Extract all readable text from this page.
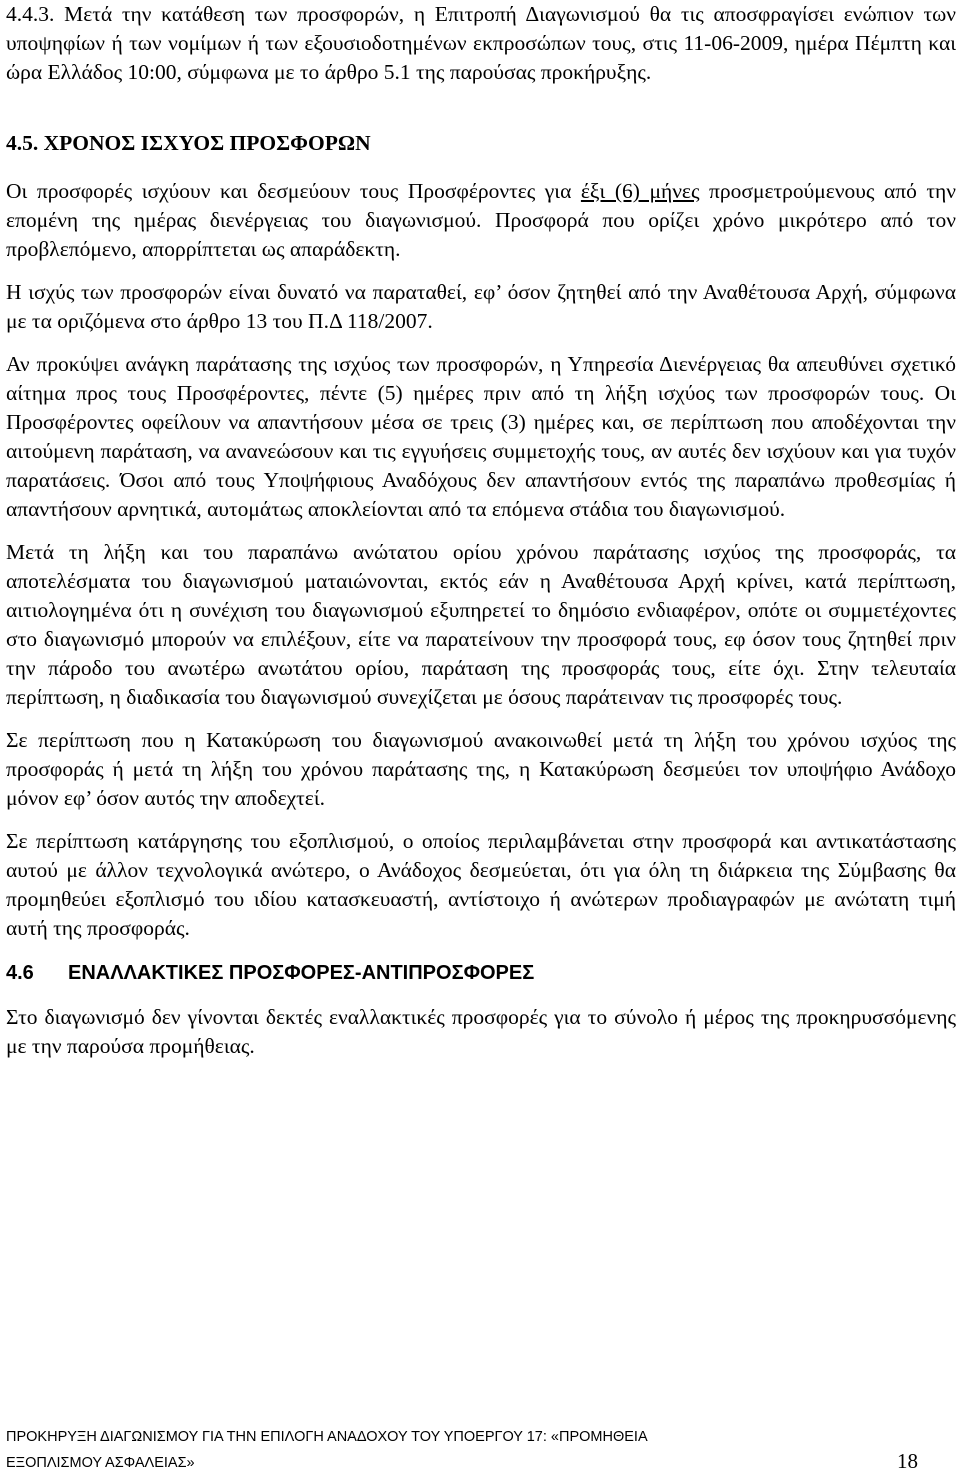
4.4.3. Μετά την κατάθεση των προσφορών, η Επιτροπή Διαγωνισμού θα τις αποσφραγίσει ενώπιον των υποψηφίων ή των νομίμων ή των εξουσιοδοτημένων εκπροσώπων τους, στις 11-06-2009, ημέρα Πέμπτη και ώρα Ελλάδος 10:00, σύμφωνα με το άρθρο 5.1 της παρούσας προκήρυξης.

4.5. ΧΡΟΝΟΣ ΙΣΧΥΟΣ ΠΡΟΣΦΟΡΩΝ

Οι προσφορές ισχύουν και δεσμεύουν τους Προσφέροντες για έξι (6) μήνες προσμετρούμενους από την επομένη της ημέρας διενέργειας του διαγωνισμού. Προσφορά που ορίζει χρόνο μικρότερο από τον προβλεπόμενο, απορρίπτεται ως απαράδεκτη.

Η ισχύς των προσφορών είναι δυνατό να παραταθεί, εφ’ όσον ζητηθεί από την Αναθέτουσα Αρχή, σύμφωνα με τα οριζόμενα στο άρθρο 13 του Π.Δ 118/2007.

Αν προκύψει ανάγκη παράτασης της ισχύος των προσφορών, η Υπηρεσία Διενέργειας θα απευθύνει σχετικό αίτημα προς τους Προσφέροντες, πέντε (5) ημέρες πριν από τη λήξη ισχύος των προσφορών τους. Οι Προσφέροντες οφείλουν να απαντήσουν μέσα σε τρεις (3) ημέρες και, σε περίπτωση που αποδέχονται την αιτούμενη παράταση, να ανανεώσουν και τις εγγυήσεις συμμετοχής τους, αν αυτές δεν ισχύουν και για τυχόν παρατάσεις. Όσοι από τους Υποψήφιους Αναδόχους δεν απαντήσουν εντός της παραπάνω προθεσμίας ή απαντήσουν αρνητικά, αυτομάτως αποκλείονται από τα επόμενα στάδια του διαγωνισμού.

Μετά τη λήξη και του παραπάνω ανώτατου ορίου χρόνου παράτασης ισχύος της προσφοράς, τα αποτελέσματα του διαγωνισμού ματαιώνονται, εκτός εάν η Αναθέτουσα Αρχή κρίνει, κατά περίπτωση, αιτιολογημένα ότι η συνέχιση του διαγωνισμού εξυπηρετεί το δημόσιο ενδιαφέρον, οπότε οι συμμετέχοντες στο διαγωνισμό μπορούν να επιλέξουν, είτε να παρατείνουν την προσφορά τους, εφ όσον τους ζητηθεί πριν την πάροδο του ανωτέρω ανωτάτου ορίου, παράταση της προσφοράς τους, είτε όχι. Στην τελευταία περίπτωση, η διαδικασία του διαγωνισμού συνεχίζεται με όσους παράτειναν τις προσφορές τους.

Σε περίπτωση που η Κατακύρωση του διαγωνισμού ανακοινωθεί μετά τη λήξη του χρόνου ισχύος της προσφοράς ή μετά τη λήξη του χρόνου παράτασης της, η Κατακύρωση δεσμεύει τον υποψήφιο Ανάδοχο μόνον εφ’ όσον αυτός την αποδεχτεί.

Σε περίπτωση κατάργησης του εξοπλισμού, ο οποίος περιλαμβάνεται στην προσφορά και αντικατάστασης αυτού με άλλον τεχνολογικά ανώτερο, ο Ανάδοχος δεσμεύεται, ότι για όλη τη διάρκεια της Σύμβασης θα προμηθεύει εξοπλισμό του ιδίου κατασκευαστή, αντίστοιχο ή ανώτερων προδιαγραφών με ανώτατη τιμή αυτή της προσφοράς.

4.6 ΕΝΑΛΛΑΚΤΙΚΕΣ ΠΡΟΣΦΟΡΕΣ-ΑΝΤΙΠΡΟΣΦΟΡΕΣ

Στο διαγωνισμό δεν γίνονται δεκτές εναλλακτικές προσφορές για το σύνολο ή μέρος της προκηρυσσόμενης με την παρούσα προμήθειας.

ΠΡΟΚΗΡΥΞΗ ΔΙΑΓΩΝΙΣΜΟΥ ΓΙΑ ΤΗΝ ΕΠΙΛΟΓΗ ΑΝΑΔΟΧΟΥ ΤΟΥ ΥΠΟΕΡΓΟΥ 17: «ΠΡΟΜΗΘΕΙΑ
ΕΞΟΠΛΙΣΜΟΥ ΑΣΦΑΛΕΙΑΣ»	18
